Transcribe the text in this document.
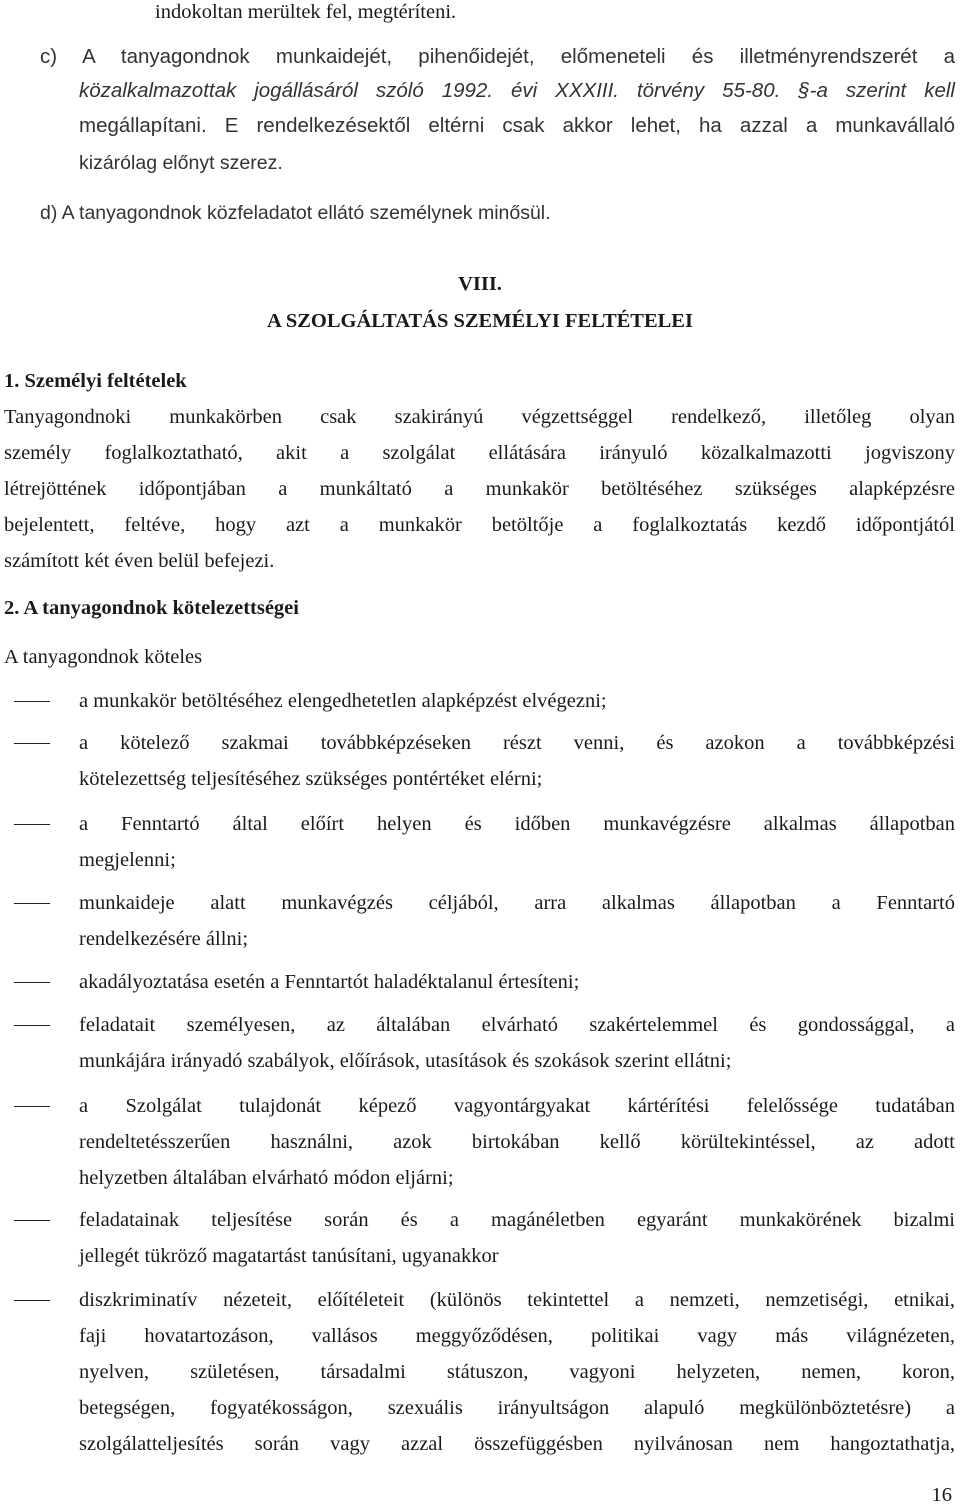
indokoltan merültek fel, megtéríteni.
c) A tanyagondnok munkaidejét, pihenőidejét, előmeneteli és illetményrendszerét a
közalkalmazottak jogállásáról szóló 1992. évi XXXIII. törvény 55-80. §-a szerint kell
megállapítani. E rendelkezésektől eltérni csak akkor lehet, ha azzal a munkavállaló
kizárólag előnyt szerez.
d) A tanyagondnok közfeladatot ellátó személynek minősül.
VIII.
A SZOLGÁLTATÁS SZEMÉLYI FELTÉTELEI
1. Személyi feltételek
Tanyagondnoki munkakörben csak szakirányú végzettséggel rendelkező, illetőleg olyan
személy foglalkoztatható, akit a szolgálat ellátására irányuló közalkalmazotti jogviszony
létrejöttének időpontjában a munkáltató a munkakör betöltéséhez szükséges alapképzésre
bejelentett, feltéve, hogy azt a munkakör betöltője a foglalkoztatás kezdő időpontjától
számított két éven belül befejezi.
2. A tanyagondnok kötelezettségei
A tanyagondnok köteles
a munkakör betöltéséhez elengedhetetlen alapképzést elvégezni;
a kötelező szakmai továbbképzéseken részt venni, és azokon a továbbképzési
kötelezettség teljesítéséhez szükséges pontértéket elérni;
a Fenntartó által előírt helyen és időben munkavégzésre alkalmas állapotban
megjelenni;
munkaideje alatt munkavégzés céljából, arra alkalmas állapotban a Fenntartó
rendelkezésére állni;
akadályoztatása esetén a Fenntartót haladéktalanul értesíteni;
feladatait személyesen, az általában elvárható szakértelemmel és gondossággal, a
munkájára irányadó szabályok, előírások, utasítások és szokások szerint ellátni;
a Szolgálat tulajdonát képező vagyontárgyakat kártérítési felelőssége tudatában
rendeltetésszerűen használni, azok birtokában kellő körültekintéssel, az adott
helyzetben általában elvárható módon eljárni;
feladatainak teljesítése során és a magánéletben egyaránt munkakörének bizalmi
jellegét tükröző magatartást tanúsítani, ugyanakkor
diszkriminatív nézeteit, előítéleteit (különös tekintettel a nemzeti, nemzetiségi, etnikai,
faji hovatartozáson, vallásos meggyőződésen, politikai vagy más világnézeten,
nyelven, születésen, társadalmi státuszon, vagyoni helyzeten, nemen, koron,
betegségen, fogyatékosságon, szexuális irányultságon alapuló megkülönböztetésre) a
szolgálatteljesítés során vagy azzal összefüggésben nyilvánosan nem hangoztathatja,
16
